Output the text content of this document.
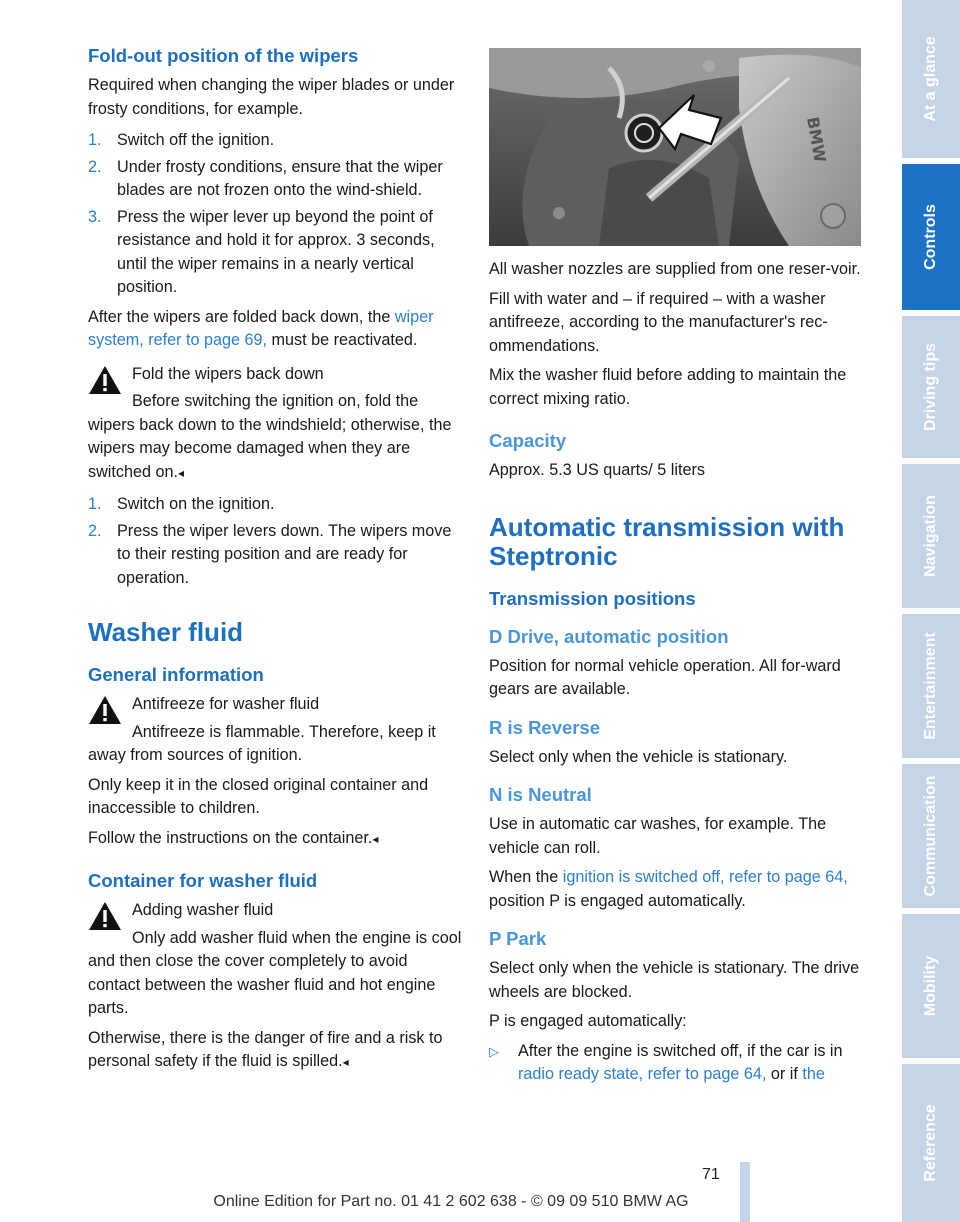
Fold-out position of the wipers

Required when changing the wiper blades or under frosty conditions, for example.

1. Switch off the ignition.
2. Under frosty conditions, ensure that the wiper blades are not frozen onto the wind-shield.
3. Press the wiper lever up beyond the point of resistance and hold it for approx. 3 seconds, until the wiper remains in a nearly vertical position.

After the wipers are folded back down, the wiper system, refer to page 69, must be reactivated.

Fold the wipers back down

Before switching the ignition on, fold the wipers back down to the windshield; otherwise, the wipers may become damaged when they are switched on.◂

1. Switch on the ignition.
2. Press the wiper levers down. The wipers move to their resting position and are ready for operation.
Washer fluid
General information

Antifreeze for washer fluid

Antifreeze is flammable. Therefore, keep it away from sources of ignition.

Only keep it in the closed original container and inaccessible to children.

Follow the instructions on the container.◂

Container for washer fluid

Adding washer fluid

Only add washer fluid when the engine is cool and then close the cover completely to avoid contact between the washer fluid and hot engine parts.

Otherwise, there is the danger of fire and a risk to personal safety if the fluid is spilled.◂

BMW

All washer nozzles are supplied from one reser-voir.

Fill with water and – if required – with a washer antifreeze, according to the manufacturer's rec-ommendations.

Mix the washer fluid before adding to maintain the correct mixing ratio.

Capacity

Approx. 5.3 US quarts/ 5 liters

Automatic transmission with Steptronic
Transmission positions
D Drive, automatic position

Position for normal vehicle operation. All for-ward gears are available.

R is Reverse

Select only when the vehicle is stationary.

N is Neutral

Use in automatic car washes, for example. The vehicle can roll.

When the ignition is switched off, refer to page 64, position P is engaged automatically.

P Park

Select only when the vehicle is stationary. The drive wheels are blocked.

P is engaged automatically:

▷	After the engine is switched off, if the car is in radio ready state, refer to page 64, or if the
At a glance
Controls
Driving tips
Navigation
Entertainment
Communication
Mobility
Reference
71
Online Edition for Part no. 01 41 2 602 638 - © 09 09 510 BMW AG
